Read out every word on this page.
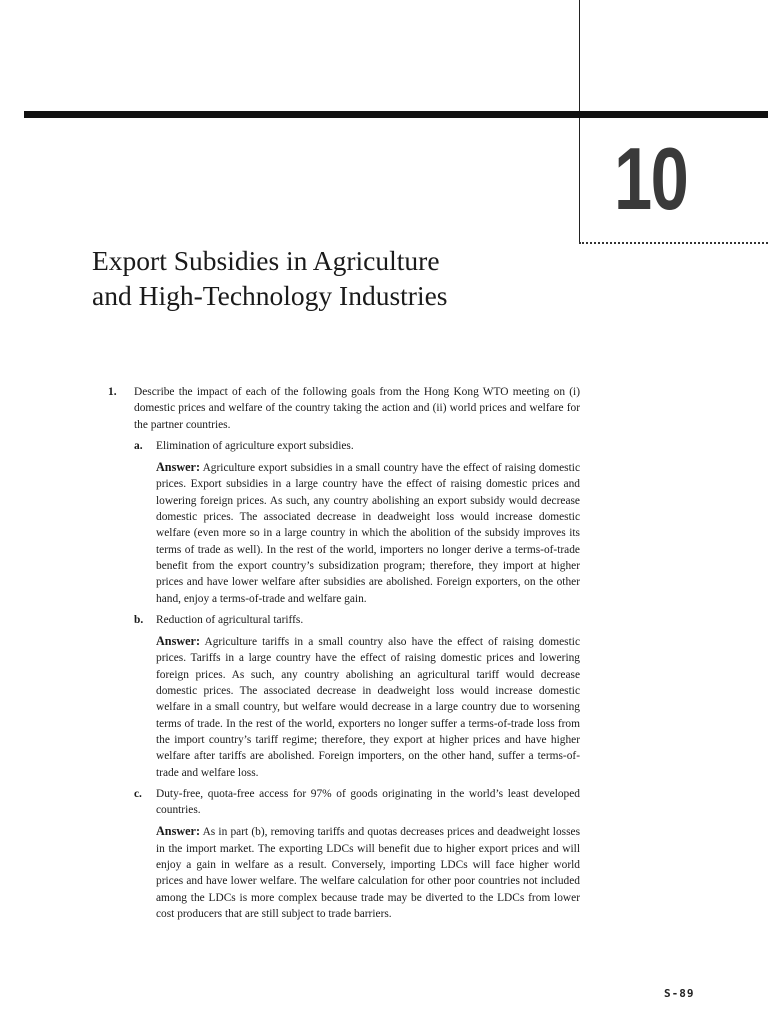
10
Export Subsidies in Agriculture
and High-Technology Industries

1. Describe the impact of each of the following goals from the Hong Kong WTO meeting on (i) domestic prices and welfare of the country taking the action and (ii) world prices and welfare for the partner countries.

a. Elimination of agriculture export subsidies.

Answer: Agriculture export subsidies in a small country have the effect of raising domestic prices. Export subsidies in a large country have the effect of raising domestic prices and lowering foreign prices. As such, any country abolishing an export subsidy would decrease domestic prices. The associated decrease in deadweight loss would increase domestic welfare (even more so in a large country in which the abolition of the subsidy improves its terms of trade as well). In the rest of the world, importers no longer derive a terms-of-trade benefit from the export country’s subsidization program; therefore, they import at higher prices and have lower welfare after subsidies are abolished. Foreign exporters, on the other hand, enjoy a terms-of-trade and welfare gain.

b. Reduction of agricultural tariffs.

Answer: Agriculture tariffs in a small country also have the effect of raising domestic prices. Tariffs in a large country have the effect of raising domestic prices and lowering foreign prices. As such, any country abolishing an agricultural tariff would decrease domestic prices. The associated decrease in deadweight loss would increase domestic welfare in a small country, but welfare would decrease in a large country due to worsening terms of trade. In the rest of the world, exporters no longer suffer a terms-of-trade loss from the import country’s tariff regime; therefore, they export at higher prices and have higher welfare after tariffs are abolished. Foreign importers, on the other hand, suffer a terms-of-trade and welfare loss.

c. Duty-free, quota-free access for 97% of goods originating in the world’s least developed countries.

Answer: As in part (b), removing tariffs and quotas decreases prices and deadweight losses in the import market. The exporting LDCs will benefit due to higher export prices and will enjoy a gain in welfare as a result. Conversely, importing LDCs will face higher world prices and have lower welfare. The welfare calculation for other poor countries not included among the LDCs is more complex because trade may be diverted to the LDCs from lower cost producers that are still subject to trade barriers.

S-89
